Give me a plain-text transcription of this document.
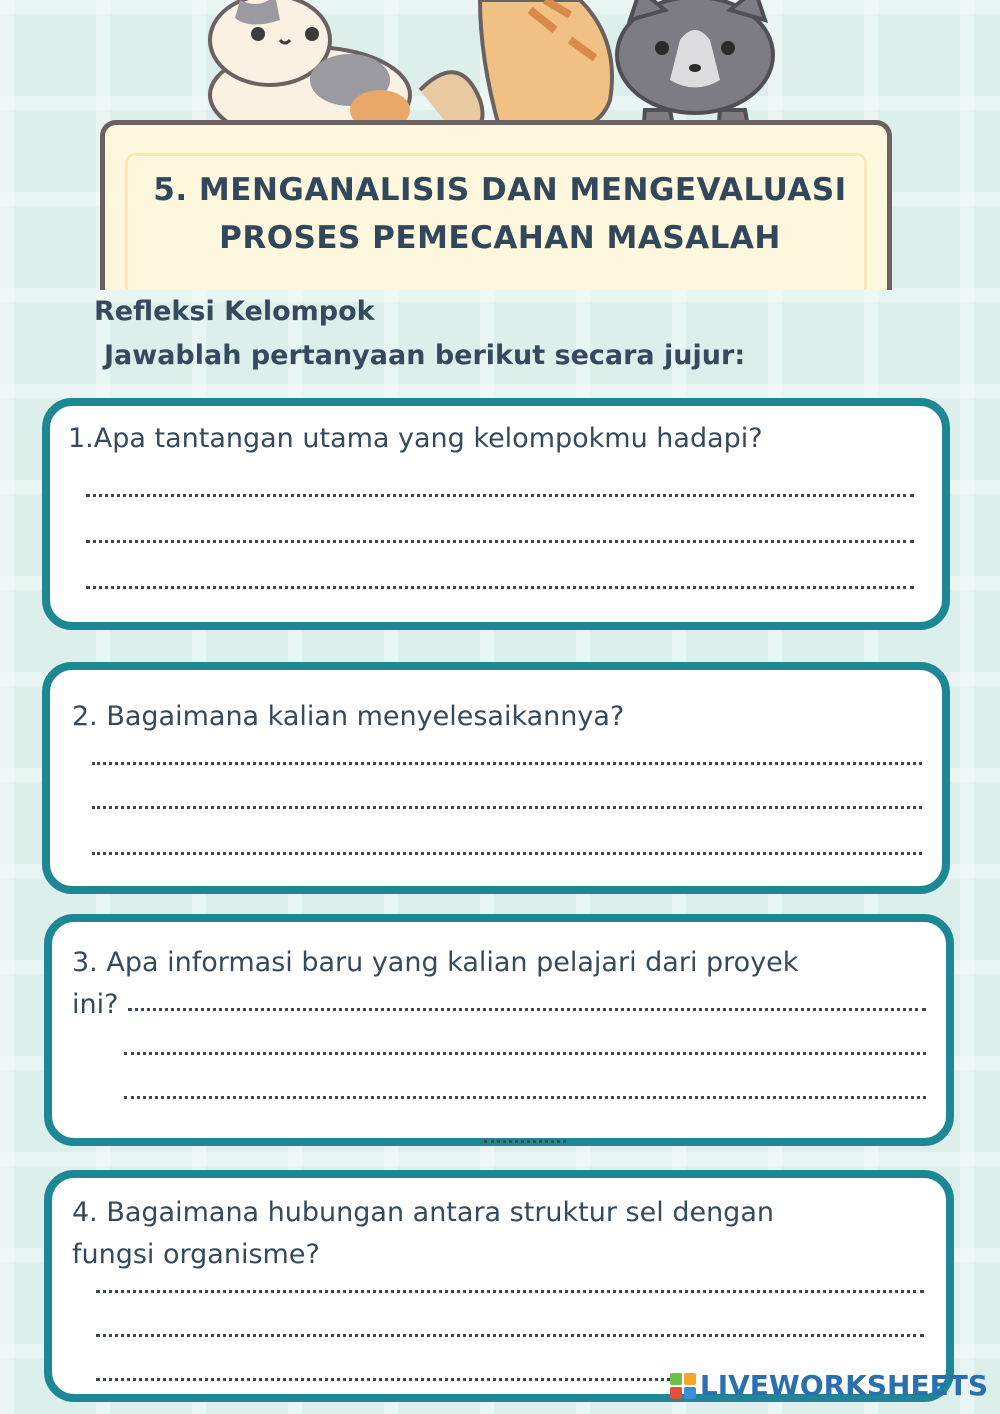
5. MENGANALISIS DAN MENGEVALUASI
PROSES PEMECAHAN MASALAH
Refleksi Kelompok
Jawablah pertanyaan berikut secara jujur:
1.Apa tantangan utama yang kelompokmu hadapi?
2. Bagaimana kalian menyelesaikannya?
3. Apa informasi baru yang kalian pelajari dari proyek
ini?
4. Bagaimana hubungan antara struktur sel dengan
fungsi organisme?
LIVEWORKSHEETS
